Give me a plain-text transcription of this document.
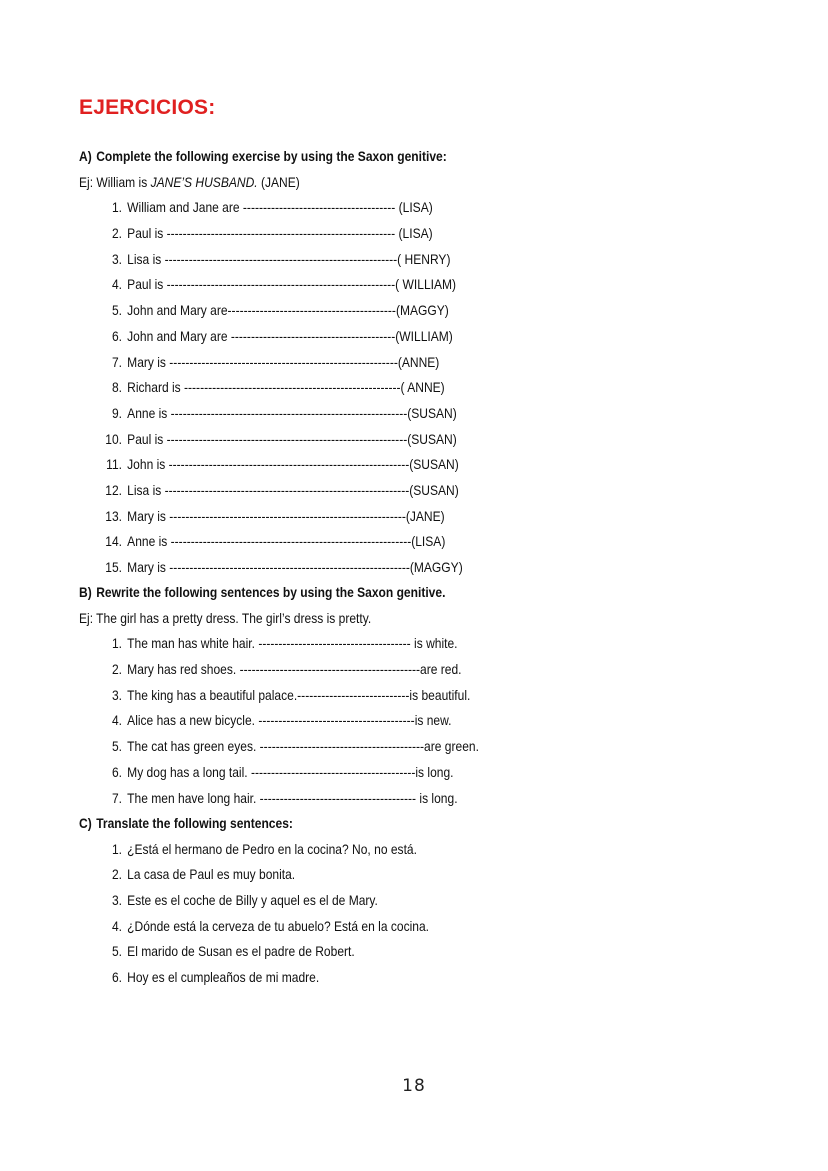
EJERCICIOS:
A) Complete the following exercise by using the Saxon genitive:
Ej: William is JANE’S HUSBAND. (JANE)
1. William and Jane are -------------------------------------- (LISA)
2. Paul is --------------------------------------------------------- (LISA)
3. Lisa is ----------------------------------------------------------( HENRY)
4. Paul is ---------------------------------------------------------( WILLIAM)
5. John and Mary are------------------------------------------(MAGGY)
6. John and Mary are -----------------------------------------(WILLIAM)
7. Mary is ---------------------------------------------------------(ANNE)
8. Richard is ------------------------------------------------------( ANNE)
9. Anne is -----------------------------------------------------------(SUSAN)
10. Paul is ------------------------------------------------------------(SUSAN)
11. John is ------------------------------------------------------------(SUSAN)
12. Lisa is -------------------------------------------------------------(SUSAN)
13. Mary is -----------------------------------------------------------(JANE)
14. Anne is ------------------------------------------------------------(LISA)
15. Mary is ------------------------------------------------------------(MAGGY)
B) Rewrite the following sentences by using the Saxon genitive.
Ej: The girl has a pretty dress. The girl’s dress is pretty.
1. The man has white hair. -------------------------------------- is white.
2. Mary has red shoes. ---------------------------------------------are red.
3. The king has a beautiful palace.----------------------------is beautiful.
4. Alice has a new bicycle. ---------------------------------------is new.
5. The cat has green eyes. -----------------------------------------are green.
6. My dog has a long tail. -----------------------------------------is long.
7. The men have long hair. --------------------------------------- is long.
C) Translate the following sentences:
1. ¿Está el hermano de Pedro en la cocina? No, no está.
2. La casa de Paul es muy bonita.
3. Este es el coche de Billy y aquel es el de Mary.
4. ¿Dónde está la cerveza de tu abuelo? Está en la cocina.
5. El marido de Susan es el padre de Robert.
6. Hoy es el cumpleaños de mi madre.
18
